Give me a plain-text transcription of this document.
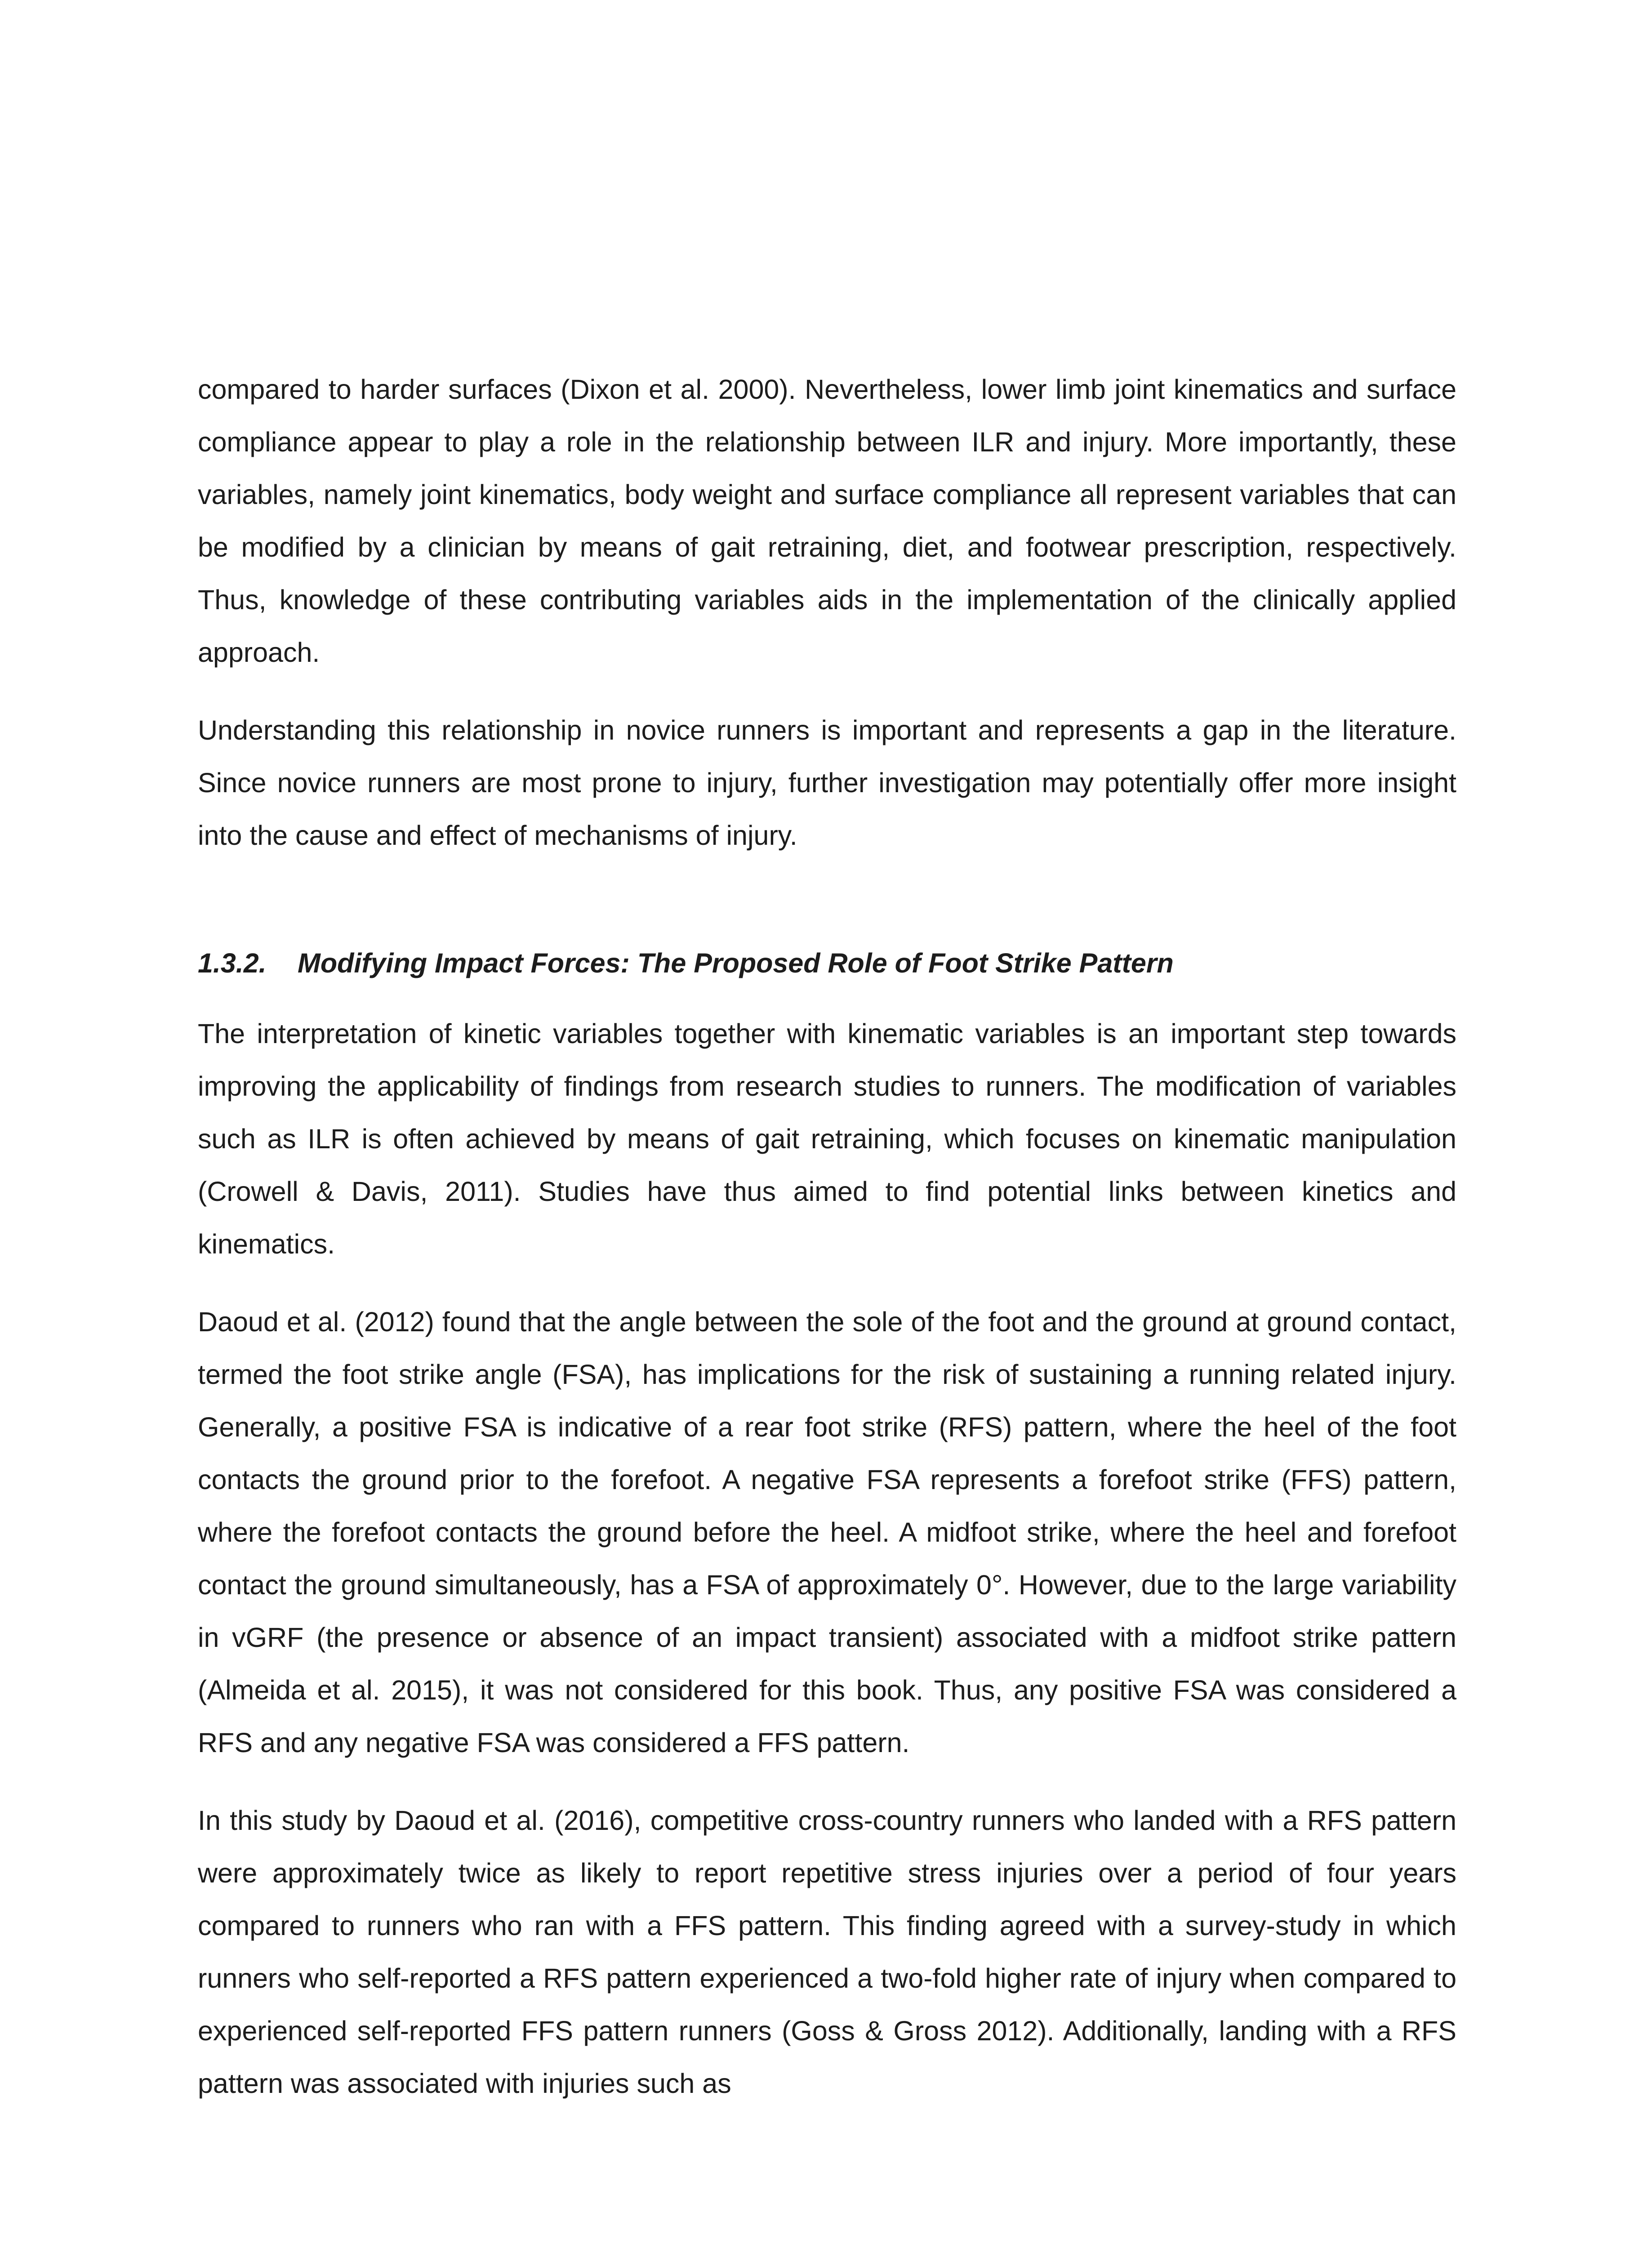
compared to harder surfaces (Dixon et al. 2000). Nevertheless, lower limb joint kinematics and surface compliance appear to play a role in the relationship between ILR and injury. More importantly, these variables, namely joint kinematics, body weight and surface compliance all represent variables that can be modified by a clinician by means of gait retraining, diet, and footwear prescription, respectively. Thus, knowledge of these contributing variables aids in the implementation of the clinically applied approach.

Understanding this relationship in novice runners is important and represents a gap in the literature. Since novice runners are most prone to injury, further investigation may potentially offer more insight into the cause and effect of mechanisms of injury.

1.3.2. Modifying Impact Forces: The Proposed Role of Foot Strike Pattern

The interpretation of kinetic variables together with kinematic variables is an important step towards improving the applicability of findings from research studies to runners. The modification of variables such as ILR is often achieved by means of gait retraining, which focuses on kinematic manipulation (Crowell & Davis, 2011). Studies have thus aimed to find potential links between kinetics and kinematics.

Daoud et al. (2012) found that the angle between the sole of the foot and the ground at ground contact, termed the foot strike angle (FSA), has implications for the risk of sustaining a running related injury. Generally, a positive FSA is indicative of a rear foot strike (RFS) pattern, where the heel of the foot contacts the ground prior to the forefoot. A negative FSA represents a forefoot strike (FFS) pattern, where the forefoot contacts the ground before the heel. A midfoot strike, where the heel and forefoot contact the ground simultaneously, has a FSA of approximately 0°. However, due to the large variability in vGRF (the presence or absence of an impact transient) associated with a midfoot strike pattern (Almeida et al. 2015), it was not considered for this book. Thus, any positive FSA was considered a RFS and any negative FSA was considered a FFS pattern.

In this study by Daoud et al. (2016), competitive cross-country runners who landed with a RFS pattern were approximately twice as likely to report repetitive stress injuries over a period of four years compared to runners who ran with a FFS pattern. This finding agreed with a survey-study in which runners who self-reported a RFS pattern experienced a two-fold higher rate of injury when compared to experienced self-reported FFS pattern runners (Goss & Gross 2012). Additionally, landing with a RFS pattern was associated with injuries such as
